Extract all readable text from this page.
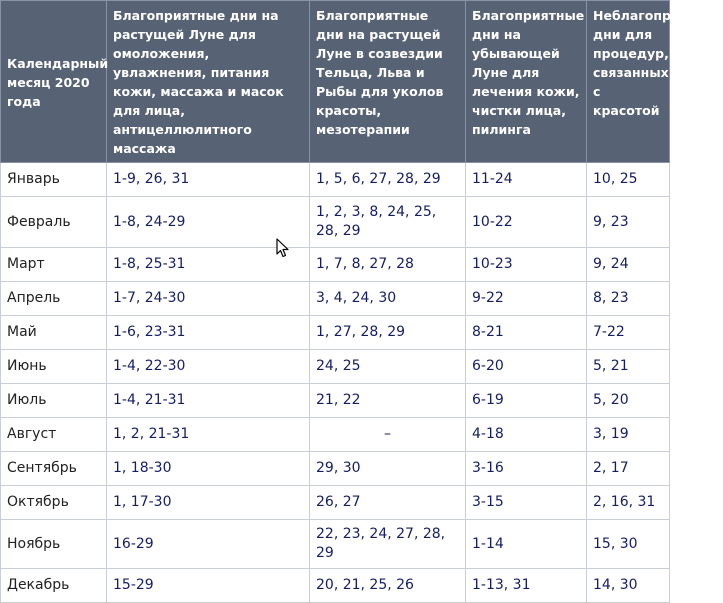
Календарный месяц 2020 года	Благоприятные дни на растущей Луне для омоложения, увлажнения, питания кожи, массажа и масок для лица, антицеллюлитного массажа	Благоприятные дни на растущей Луне в созвездии Тельца, Льва и Рыбы для уколов красоты, мезотерапии	Благоприятные дни на убывающей Луне для лечения кожи, чистки лица, пилинга	Неблагоприятные дни для процедур, связанных с красотой
Январь	1-9, 26, 31	1, 5, 6, 27, 28, 29	11-24	10, 25
Февраль	1-8, 24-29	1, 2, 3, 8, 24, 25, 28, 29	10-22	9, 23
Март	1-8, 25-31	1, 7, 8, 27, 28	10-23	9, 24
Апрель	1-7, 24-30	3, 4, 24, 30	9-22	8, 23
Май	1-6, 23-31	1, 27, 28, 29	8-21	7-22
Июнь	1-4, 22-30	24, 25	6-20	5, 21
Июль	1-4, 21-31	21, 22	6-19	5, 20
Август	1, 2, 21-31	–	4-18	3, 19
Сентябрь	1, 18-30	29, 30	3-16	2, 17
Октябрь	1, 17-30	26, 27	3-15	2, 16, 31
Ноябрь	16-29	22, 23, 24, 27, 28, 29	1-14	15, 30
Декабрь	15-29	20, 21, 25, 26	1-13, 31	14, 30
